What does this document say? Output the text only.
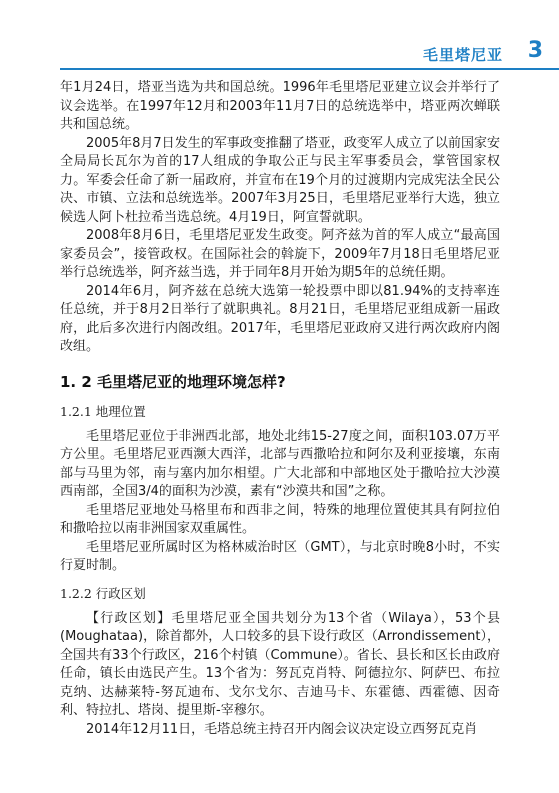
毛里塔尼亚 3

年1月24日，塔亚当选为共和国总统。1996年毛里塔尼亚建立议会并举行了议会选举。在1997年12月和2003年11月7日的总统选举中，塔亚两次蝉联共和国总统。

2005年8月7日发生的军事政变推翻了塔亚，政变军人成立了以前国家安全局局长瓦尔为首的17人组成的争取公正与民主军事委员会，掌管国家权力。军委会任命了新一届政府，并宣布在19个月的过渡期内完成宪法全民公决、市镇、立法和总统选举。2007年3月25日，毛里塔尼亚举行大选，独立候选人阿卜杜拉希当选总统。4月19日，阿宣誓就职。

2008年8月6日，毛里塔尼亚发生政变。阿齐兹为首的军人成立“最高国家委员会”，接管政权。在国际社会的斡旋下，2009年7月18日毛里塔尼亚举行总统选举，阿齐兹当选，并于同年8月开始为期5年的总统任期。

2014年6月，阿齐兹在总统大选第一轮投票中即以81.94%的支持率连任总统，并于8月2日举行了就职典礼。8月21日，毛里塔尼亚组成新一届政府，此后多次进行内阁改组。2017年，毛里塔尼亚政府又进行两次政府内阁改组。

1. 2 毛里塔尼亚的地理环境怎样?
1.2.1 地理位置

毛里塔尼亚位于非洲西北部，地处北纬15-27度之间，面积103.07万平方公里。毛里塔尼亚西濒大西洋，北部与西撒哈拉和阿尔及利亚接壤，东南部与马里为邻，南与塞内加尔相望。广大北部和中部地区处于撒哈拉大沙漠西南部，全国3/4的面积为沙漠，素有“沙漠共和国”之称。

毛里塔尼亚地处马格里布和西非之间，特殊的地理位置使其具有阿拉伯和撒哈拉以南非洲国家双重属性。

毛里塔尼亚所属时区为格林威治时区（GMT），与北京时晚8小时，不实行夏时制。

1.2.2 行政区划

【行政区划】毛里塔尼亚全国共划分为13个省（Wilaya），53个县(Moughataa)，除首都外，人口较多的县下设行政区（Arrondissement），全国共有33个行政区，216个村镇（Commune）。省长、县长和区长由政府任命，镇长由选民产生。13个省为：努瓦克肖特、阿德拉尔、阿萨巴、布拉克纳、达赫莱特-努瓦迪布、戈尔戈尔、吉迪马卡、东霍德、西霍德、因奇利、特拉扎、塔岗、提里斯-宰穆尔。

2014年12月11日，毛塔总统主持召开内阁会议决定设立西努瓦克肖
